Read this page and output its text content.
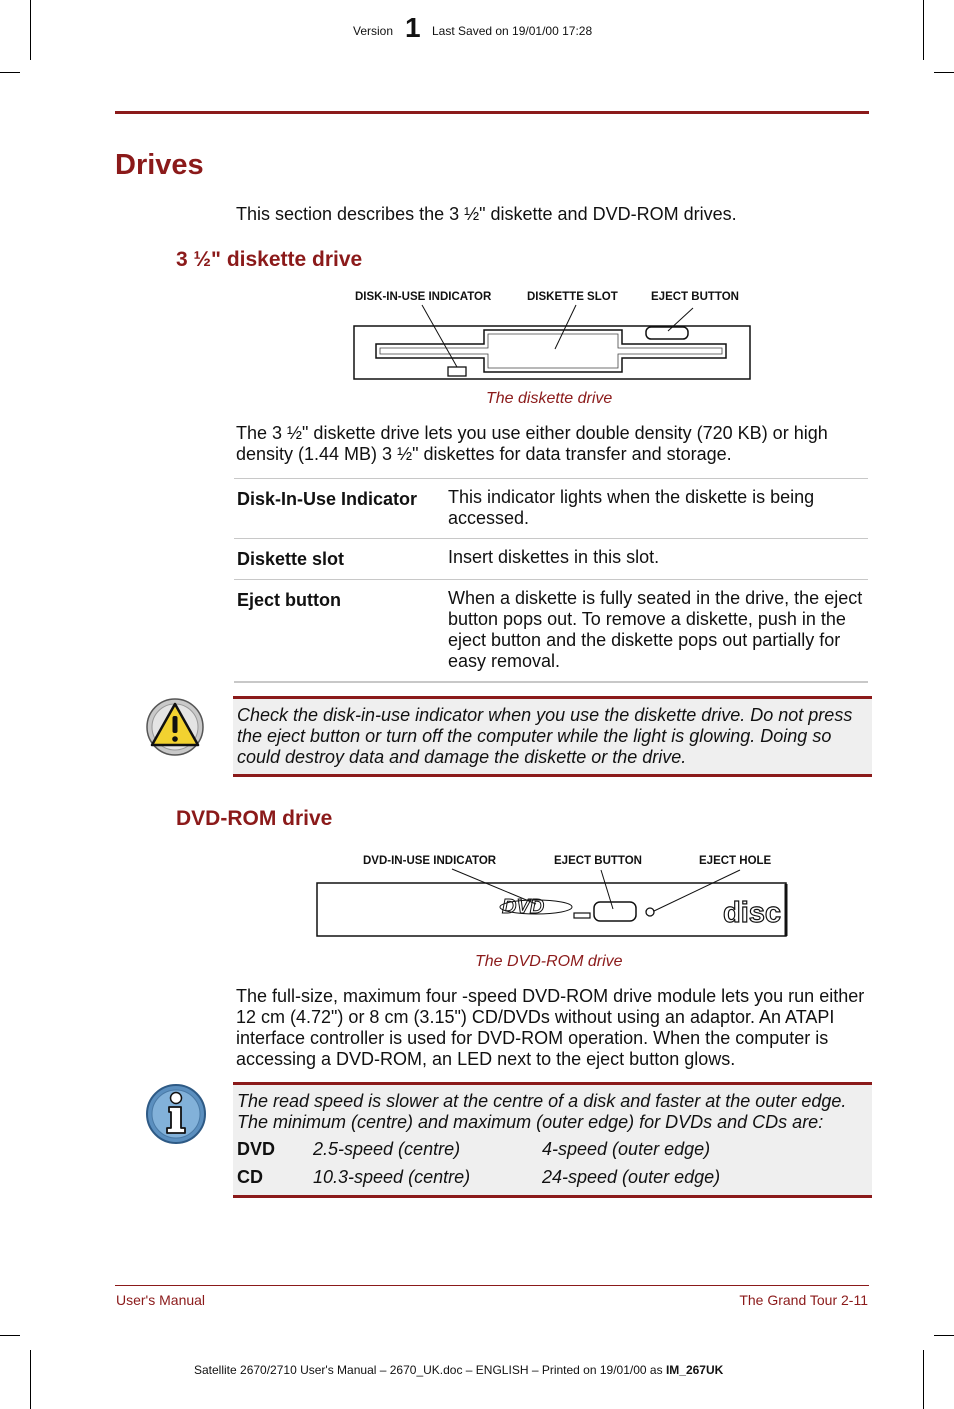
Version 1 Last Saved on 19/01/00 17:28
Drives
This section describes the 3 ½" diskette and DVD-ROM drives.
3 ½" diskette drive
DISK-IN-USE INDICATOR	DISKETTE SLOT	EJECT BUTTON
The diskette drive
The 3 ½" diskette drive lets you use either double density (720 KB) or high density (1.44 MB) 3 ½" diskettes for data transfer and storage.
Disk-In-Use Indicator	This indicator lights when the diskette is being accessed.
Diskette slot	Insert diskettes in this slot.
Eject button	When a diskette is fully seated in the drive, the eject button pops out. To remove a diskette, push in the eject button and the diskette pops out partially for easy removal.
Check the disk-in-use indicator when you use the diskette drive. Do not press the eject button or turn off the computer while the light is glowing. Doing so could destroy data and damage the diskette or the drive.
DVD-ROM drive
DVD-IN-USE INDICATOR	EJECT BUTTON	EJECT HOLE
DVD	disc
The DVD-ROM drive
The full-size, maximum four -speed DVD-ROM drive module lets you run either 12 cm (4.72") or 8 cm (3.15") CD/DVDs without using an adaptor. An ATAPI interface controller is used for DVD-ROM operation. When the computer is accessing a DVD-ROM, an LED next to the eject button glows.
The read speed is slower at the centre of a disk and faster at the outer edge. The minimum (centre) and maximum (outer edge) for DVDs and CDs are:
DVD	2.5-speed (centre)	4-speed (outer edge)
CD	10.3-speed (centre)	24-speed (outer edge)
User's Manual	The Grand Tour 2-11
Satellite 2670/2710 User's Manual – 2670_UK.doc – ENGLISH – Printed on 19/01/00 as IM_267UK
